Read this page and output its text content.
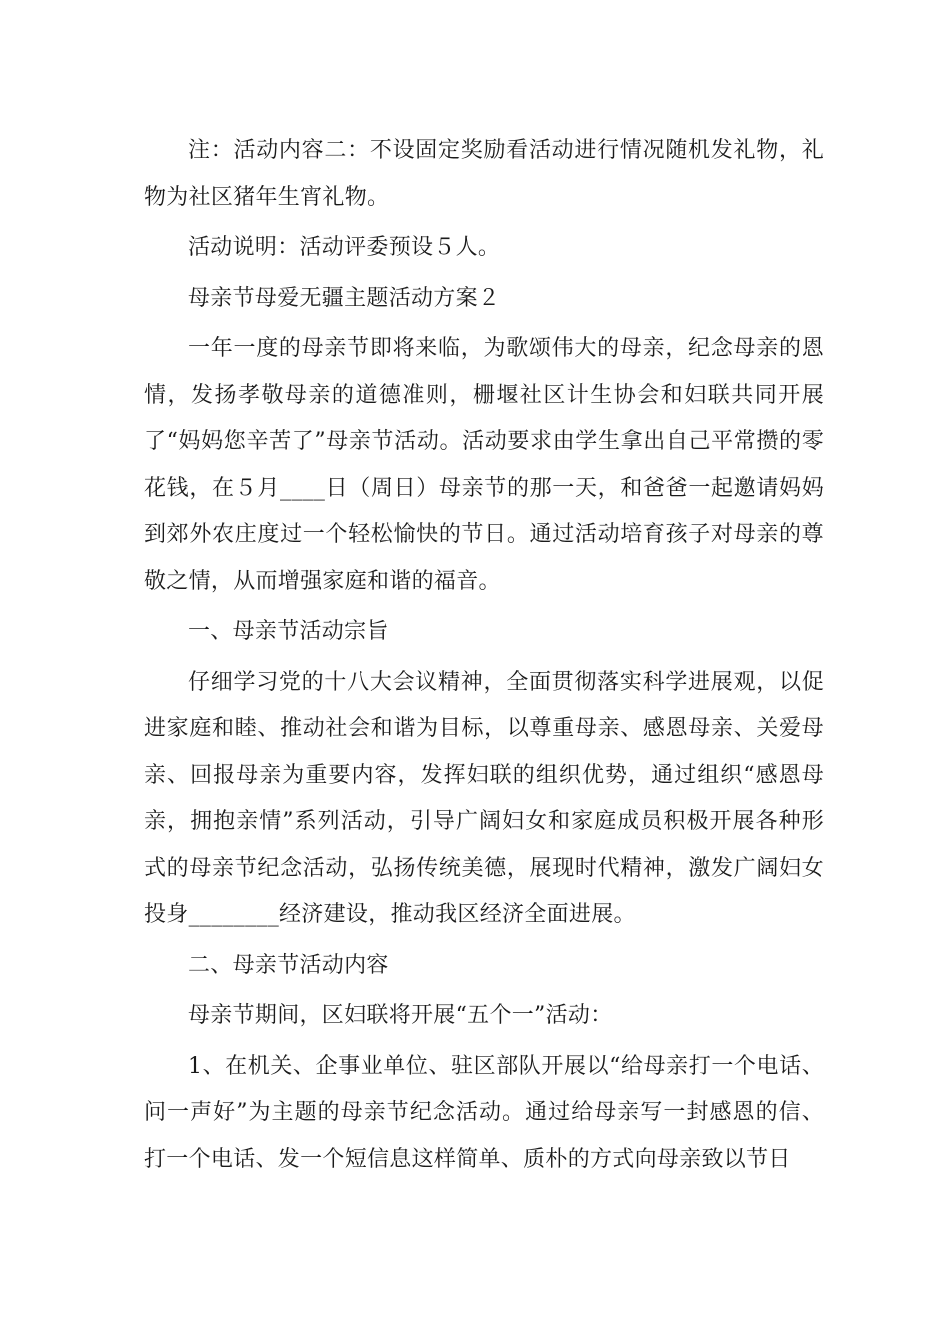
注：活动内容二：不设固定奖励看活动进行情况随机发礼物，礼物为社区猪年生宵礼物。

活动说明：活动评委预设５人。

母亲节母爱无疆主题活动方案２

一年一度的母亲节即将来临，为歌颂伟大的母亲，纪念母亲的恩情，发扬孝敬母亲的道德准则，栅堰社区计生协会和妇联共同开展了“妈妈您辛苦了”母亲节活动。活动要求由学生拿出自己平常攒的零花钱，在５月____日（周日）母亲节的那一天，和爸爸一起邀请妈妈到郊外农庄度过一个轻松愉快的节日。通过活动培育孩子对母亲的尊敬之情，从而增强家庭和谐的福音。

一、母亲节活动宗旨

仔细学习党的十八大会议精神，全面贯彻落实科学进展观，以促进家庭和睦、推动社会和谐为目标，以尊重母亲、感恩母亲、关爱母亲、回报母亲为重要内容，发挥妇联的组织优势，通过组织“感恩母亲，拥抱亲情”系列活动，引导广阔妇女和家庭成员积极开展各种形式的母亲节纪念活动，弘扬传统美德，展现时代精神，激发广阔妇女投身________经济建设，推动我区经济全面进展。

二、母亲节活动内容

母亲节期间，区妇联将开展“五个一”活动：

1、在机关、企事业单位、驻区部队开展以“给母亲打一个电话、问一声好”为主题的母亲节纪念活动。通过给母亲写一封感恩的信、打一个电话、发一个短信息这样简单、质朴的方式向母亲致以节日
